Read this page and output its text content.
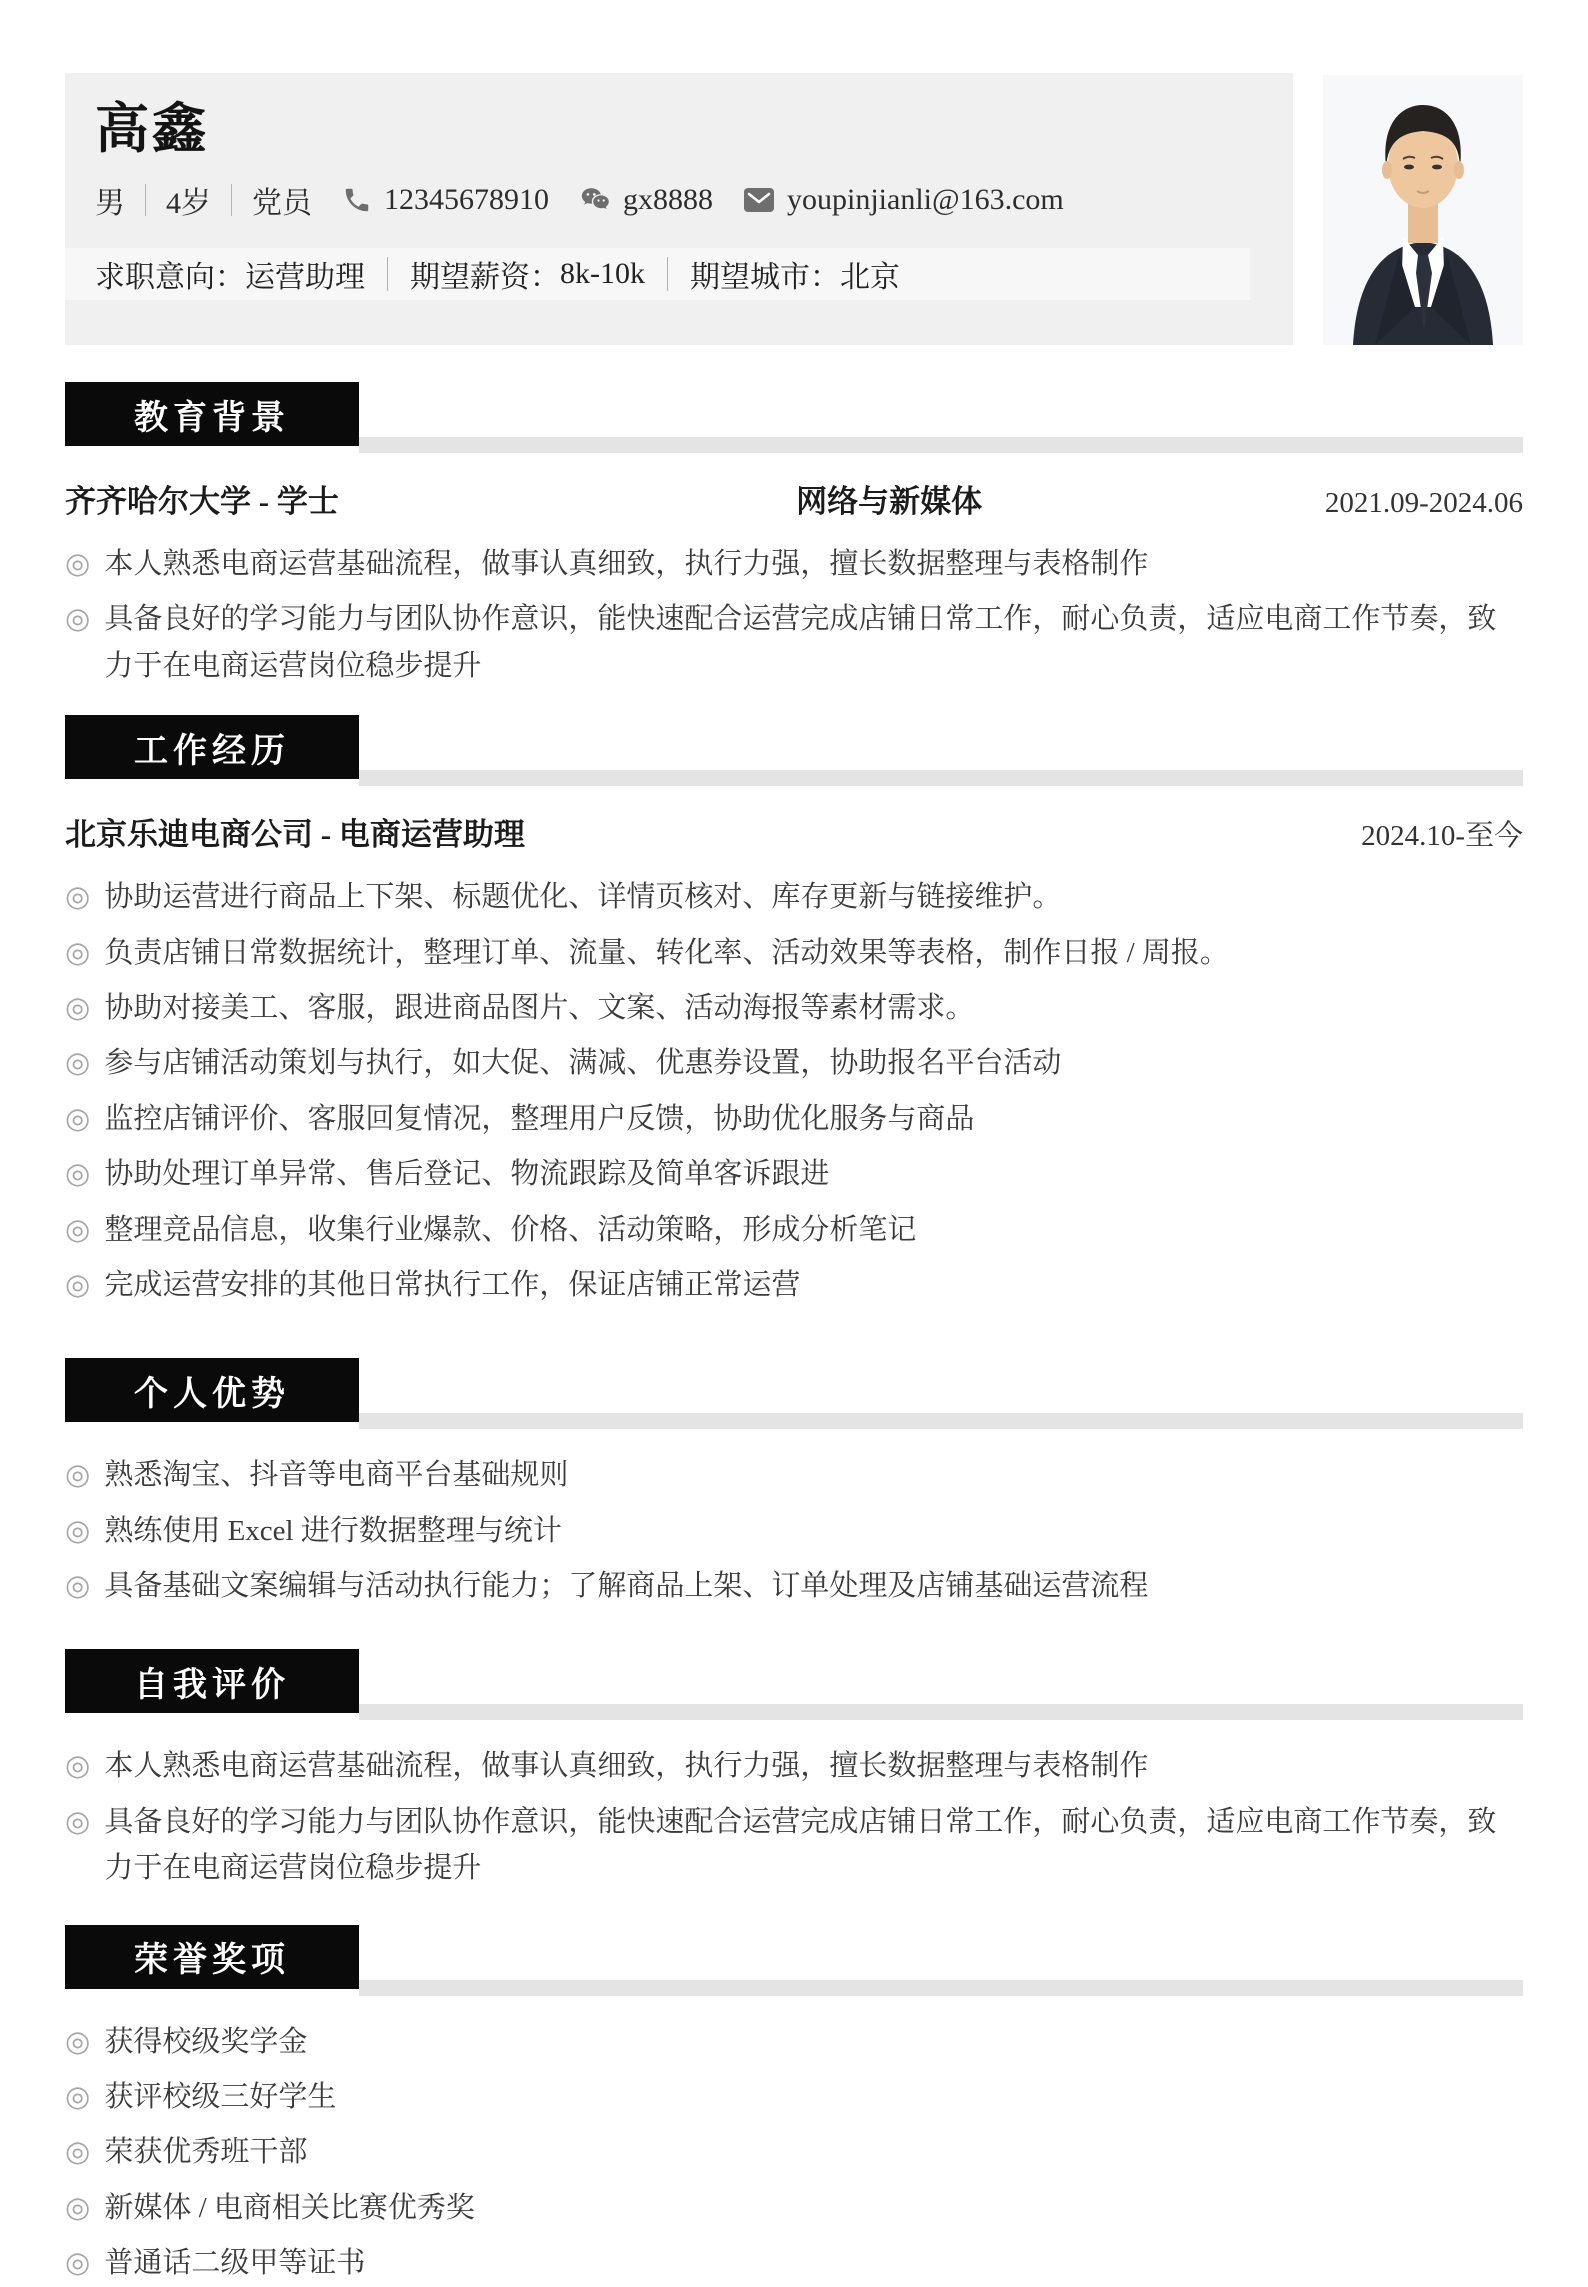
高鑫
男 4岁 党员 12345678910 gx8888 youpinjianli@163.com
求职意向： 运营助理 期望薪资： 8k-10k 期望城市： 北京
教育背景
齐齐哈尔大学 - 学士	网络与新媒体	2021.09-2024.06
◎ 本人熟悉电商运营基础流程，做事认真细致，执行力强，擅长数据整理与表格制作
◎ 具备良好的学习能力与团队协作意识，能快速配合运营完成店铺日常工作，耐心负责，适应电商工作节奏，致力于在电商运营岗位稳步提升
工作经历
北京乐迪电商公司 - 电商运营助理	2024.10-至今
◎ 协助运营进行商品上下架、标题优化、详情页核对、库存更新与链接维护。
◎ 负责店铺日常数据统计，整理订单、流量、转化率、活动效果等表格，制作日报 / 周报。
◎ 协助对接美工、客服，跟进商品图片、文案、活动海报等素材需求。
◎ 参与店铺活动策划与执行，如大促、满减、优惠券设置，协助报名平台活动
◎ 监控店铺评价、客服回复情况，整理用户反馈，协助优化服务与商品
◎ 协助处理订单异常、售后登记、物流跟踪及简单客诉跟进
◎ 整理竞品信息，收集行业爆款、价格、活动策略，形成分析笔记
◎ 完成运营安排的其他日常执行工作，保证店铺正常运营
个人优势
◎ 熟悉淘宝、抖音等电商平台基础规则
◎ 熟练使用 Excel 进行数据整理与统计
◎ 具备基础文案编辑与活动执行能力；了解商品上架、订单处理及店铺基础运营流程
自我评价
◎ 本人熟悉电商运营基础流程，做事认真细致，执行力强，擅长数据整理与表格制作
◎ 具备良好的学习能力与团队协作意识，能快速配合运营完成店铺日常工作，耐心负责，适应电商工作节奏，致力于在电商运营岗位稳步提升
荣誉奖项
◎ 获得校级奖学金
◎ 获评校级三好学生
◎ 荣获优秀班干部
◎ 新媒体 / 电商相关比赛优秀奖
◎ 普通话二级甲等证书
